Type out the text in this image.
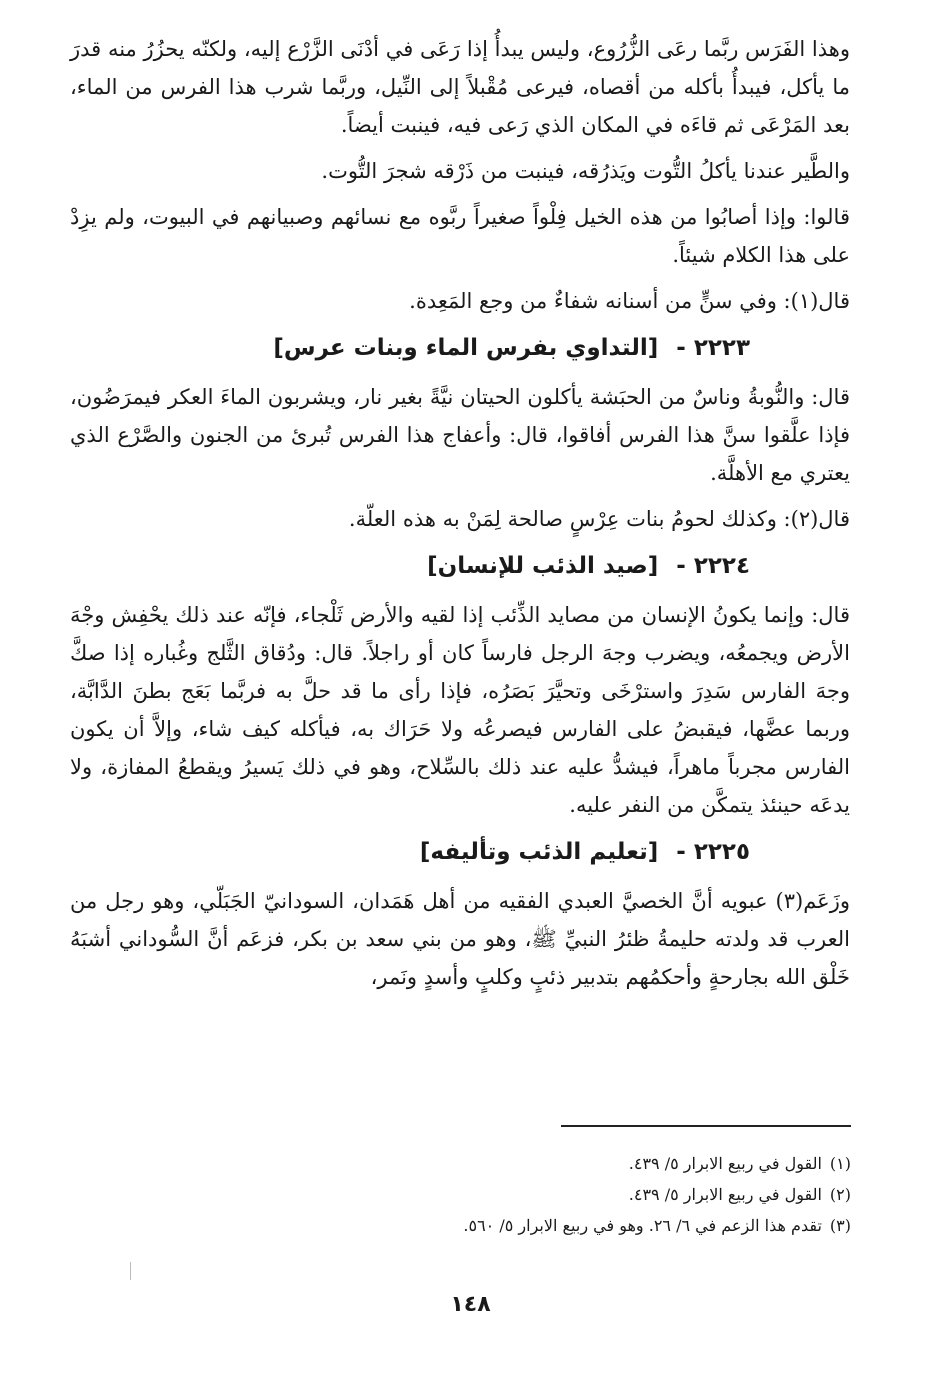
وهذا الفَرَس ربَّما رعَى الزُّرُوع، وليس يبدأُ إذا رَعَى في أدْنَى الزَّرْع إليه، ولكنّه يحزُرُ منه قدرَ ما يأكل، فيبدأُ بأكله من أقصاه، فيرعى مُقْبلاً إلى النِّيل، وربَّما شرب هذا الفرس من الماء، بعد المَرْعَى ثم قاءَه في المكان الذي رَعى فيه، فينبت أيضاً.

والطَّير عندنا يأكلُ التُّوت ويَذرُقه، فينبت من ذَرْقه شجرَ التُّوت.

قالوا: وإذا أصابُوا من هذه الخيل فِلْواً صغيراً ربَّوه مع نسائهم وصبيانهم في البيوت، ولم يزِدْ على هذا الكلام شيئاً.

قال(١): وفي سنٍّ من أسنانه شفاءٌ من وجع المَعِدة.

٢٢٢٣ - [التداوي بفرس الماء وبنات عرس]

قال: والنُّوبةُ وناسٌ من الحبَشة يأكلون الحيتان نيَّةً بغير نار، ويشربون الماءَ العكر فيمرَضُون، فإذا علَّقوا سنَّ هذا الفرس أفاقوا، قال: وأعفاج هذا الفرس تُبرئ من الجنون والصَّرْع الذي يعتري مع الأهلَّة.

قال(٢): وكذلك لحومُ بنات عِرْسٍ صالحة لِمَنْ به هذه العلّة.

٢٢٢٤ - [صيد الذئب للإنسان]

قال: وإنما يكونُ الإنسان من مصايد الذِّئب إذا لقيه والأرض ثَلْجاء، فإنّه عند ذلك يحْفِش وجْهَ الأرض ويجمعُه، ويضرب وجهَ الرجل فارساً كان أو راجلاً. قال: ودُقاق الثَّلج وغُباره إذا صكَّ وجهَ الفارس سَدِرَ واسترْخَى وتحيَّرَ بَصَرُه، فإذا رأى ما قد حلَّ به فربَّما بَعَج بطنَ الدَّابَّة، وربما عضَّها، فيقبضُ على الفارس فيصرعُه ولا حَرَاك به، فيأكله كيف شاء، وإلاَّ أن يكون الفارس مجرباً ماهراً، فيشدُّ عليه عند ذلك بالسِّلاح، وهو في ذلك يَسيرُ ويقطعُ المفازة، ولا يدعَه حينئذ يتمكَّن من النفر عليه.

٢٢٢٥ - [تعليم الذئب وتأليفه]

وزَعَم(٣) عبويه أنَّ الخصيَّ العبدي الفقيه من أهل هَمَدان، السودانيّ الجَبَلّي، وهو رجل من العرب قد ولدته حليمةُ ظئرُ النبيِّ ﷺ، وهو من بني سعد بن بكر، فزعَم أنَّ السُّوداني أشبَهُ خَلْق الله بجارحةٍ وأحكمُهم بتدبير ذئبٍ وكلبٍ وأسدٍ ونَمر،

(١)القول في ربيع الابرار ٥/ ٤٣٩.

(٢)القول في ربيع الابرار ٥/ ٤٣٩.

(٣)تقدم هذا الزعم في ٦/ ٢٦. وهو في ربيع الابرار ٥/ ٥٦٠.

١٤٨
